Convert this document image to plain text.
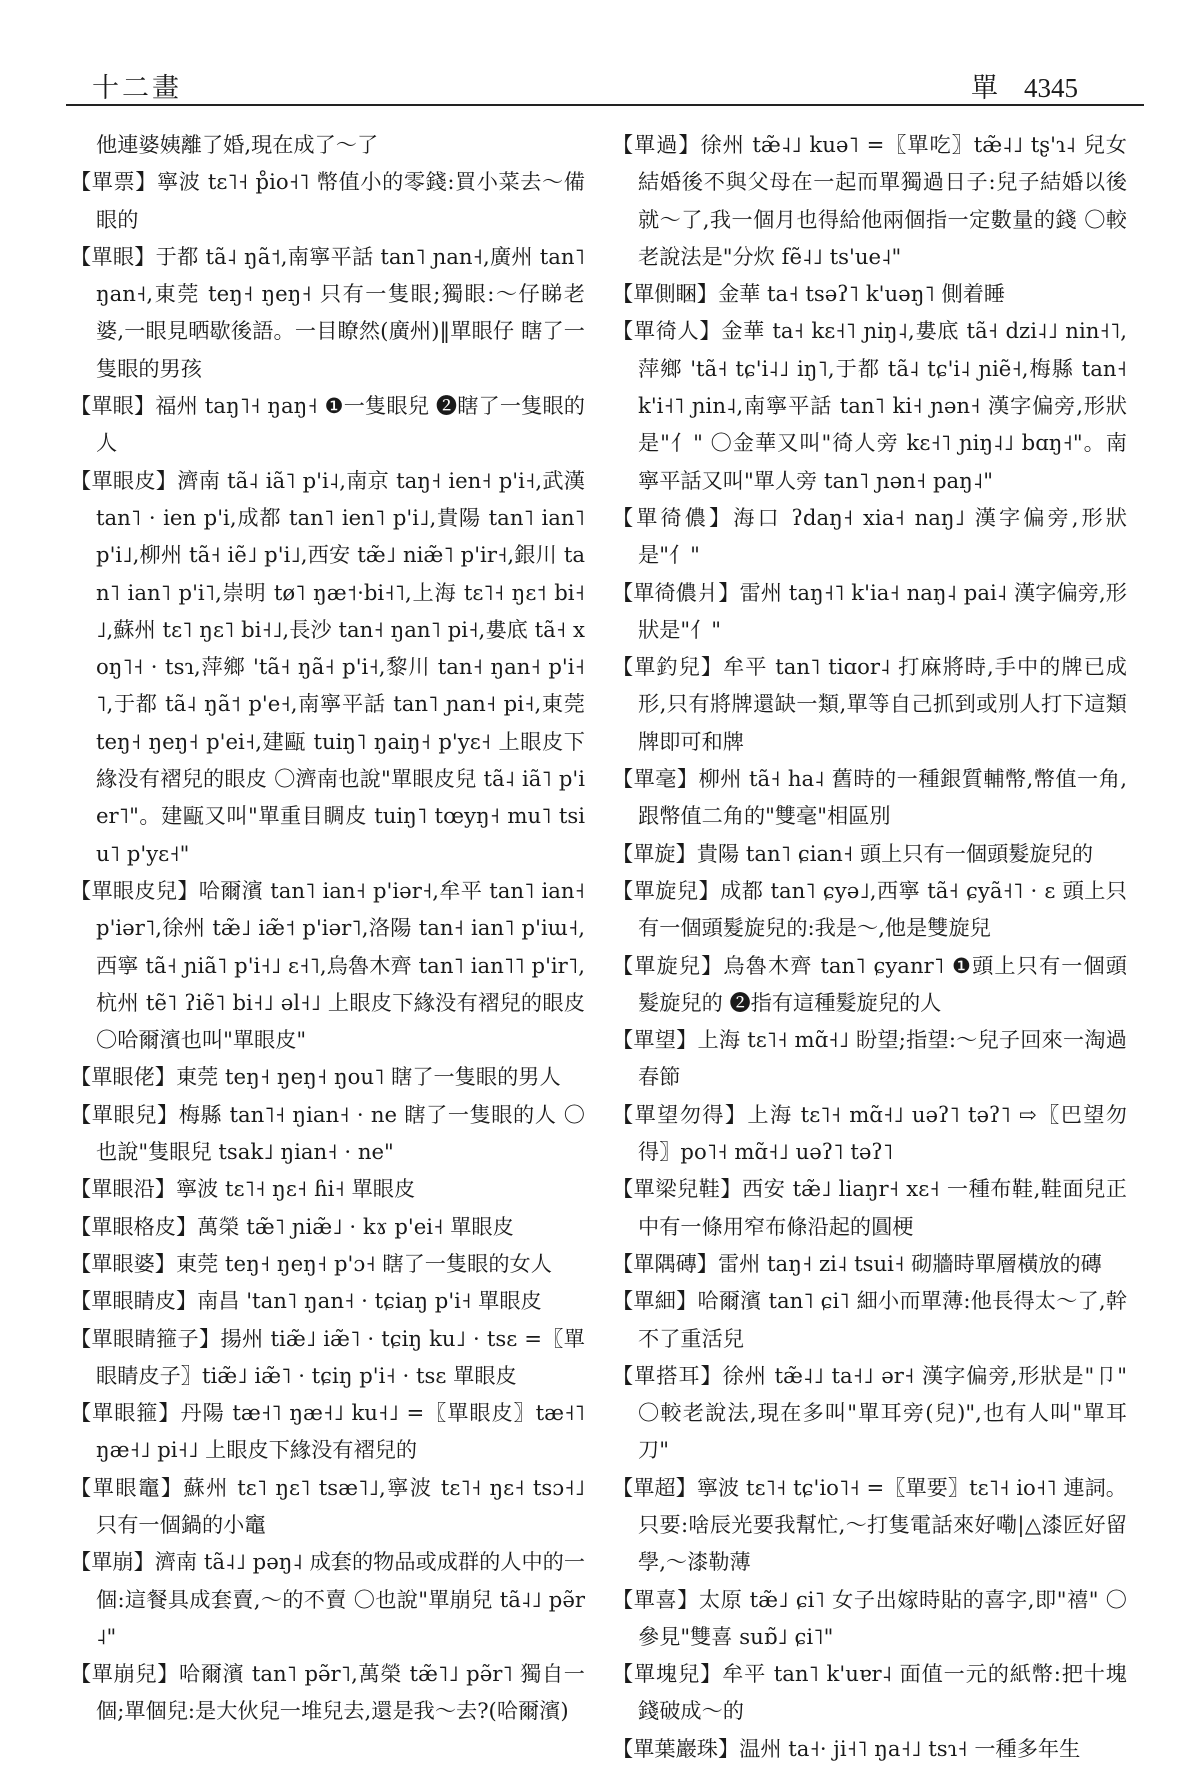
十二畫	單 4345

他連婆姨離了婚,現在成了～了

【單票】寧波 tɛ˥˧ p̊io˧˥ 幣值小的零錢:買小菜去～備眼的

【單眼】于都 tã˨ ŋã˦,南寧平話 tan˥ ɲan˧,廣州 tan˥ ŋan˧,東莞 teŋ˧ ŋeŋ˧ 只有一隻眼;獨眼:～仔睇老婆,一眼見晒歇後語。一目瞭然(廣州)‖單眼仔 瞎了一隻眼的男孩

【單眼】福州 taŋ˥˧ ŋaŋ˧ ❶一隻眼兒 ❷瞎了一隻眼的人

【單眼皮】濟南 tã˨ iã˥ p'i˨,南京 taŋ˧ ien˧ p'i˧,武漢 tan˥ · ien p'i,成都 tan˥ ien˥ p'i˩,貴陽 tan˥ ian˥ p'i˩,柳州 tã˧ iẽ˩ p'i˩,西安 tæ̃˩ niæ̃˥ p'ir˧,銀川 tan˥ ian˥ p'i˥,崇明 tø˥ ŋæ˦·bi˧˥,上海 tɛ˥˧ ŋɛ˦ bi˧˩,蘇州 tɛ˥ ŋɛ˥ bi˧˩,長沙 tan˧ ŋan˥ pi˧,婁底 tã˧ xoŋ˥˧ · tsɿ,萍鄉 'tã˧ ŋã˧ p'i˧,黎川 tan˧ ŋan˧ p'i˧˥,于都 tã˨ ŋã˦ p'e˧,南寧平話 tan˥ ɲan˧ pi˧,東莞 teŋ˧ ŋeŋ˧ p'ei˧,建甌 tuiŋ˥ ŋaiŋ˧ p'yɛ˧ 上眼皮下緣没有褶兒的眼皮 〇濟南也說"單眼皮兒 tã˨ iã˥ p'ier˥"。建甌又叫"單重目睭皮 tuiŋ˥ tœyŋ˧ mu˥ tsiu˥ p'yɛ˧"

【單眼皮兒】哈爾濱 tan˥ ian˧ p'iər˧,牟平 tan˥ ian˧ p'iər˥,徐州 tæ̃˩ iæ̃˦ p'iər˥,洛陽 tan˧ ian˥ p'iɯ˧,西寧 tã˧ ɲiã˥ p'i˧˩ ɛ˧˥,烏魯木齊 tan˥ ian˥˥ p'ir˥,杭州 tẽ˥ ʔiẽ˥ bi˧˩ əl˧˩ 上眼皮下緣没有褶兒的眼皮 〇哈爾濱也叫"單眼皮"

【單眼佬】東莞 teŋ˧ ŋeŋ˧ ŋou˥ 瞎了一隻眼的男人

【單眼兒】梅縣 tan˥˧ ŋian˧ · ne 瞎了一隻眼的人 〇也說"隻眼兒 tsak˩ ŋian˧ · ne"

【單眼沿】寧波 tɛ˥˧ ŋɛ˧ ɦi˧ 單眼皮

【單眼格皮】萬榮 tæ̃˥ ɲiæ̃˩ · kɤ p'ei˧ 單眼皮

【單眼婆】東莞 teŋ˧ ŋeŋ˧ p'ɔ˧ 瞎了一隻眼的女人

【單眼睛皮】南昌 'tan˥ ŋan˧ · tɕiaŋ p'i˧ 單眼皮

【單眼睛箍子】揚州 tiæ̃˩ iæ̃˥ · tɕiŋ ku˩ · tsɛ =〖單眼睛皮子〗tiæ̃˩ iæ̃˥ · tɕiŋ p'i˧ · tsɛ 單眼皮

【單眼箍】丹陽 tæ˧˥ ŋæ˧˩ ku˧˩ =〖單眼皮〗tæ˧˥ ŋæ˧˩ pi˧˩ 上眼皮下緣没有褶兒的

【單眼竈】蘇州 tɛ˥ ŋɛ˥ tsæ˥˩,寧波 tɛ˥˧ ŋɛ˧ tsɔ˧˩ 只有一個鍋的小竈

【單崩】濟南 tã˨˩ pəŋ˨ 成套的物品或成群的人中的一個:這餐具成套賣,～的不賣 〇也說"單崩兒 tã˨˩ pə̃r˨"

【單崩兒】哈爾濱 tan˥ pə̃r˥,萬榮 tæ̃˥˩ pə̃r˥ 獨自一個;單個兒:是大伙兒一堆兒去,還是我～去?(哈爾濱)

【單過】徐州 tæ̃˨˩ kuə˥ =〖單吃〗tæ̃˨˩ tʂ'ɿ˨ 兒女結婚後不與父母在一起而單獨過日子:兒子結婚以後就～了,我一個月也得給他兩個指一定數量的錢 〇較老說法是"分炊 fẽ˨˩ ts'ue˨"

【單側睏】金華 ta˧ tsəʔ˥ k'uəŋ˥ 側着睡

【單徛人】金華 ta˧ kɛ˧˥ ɲiŋ˨,婁底 tã˧ dzi˨˩ nin˧˥,萍鄉 'tã˧ tɕ'i˨˩ iŋ˥,于都 tã˨ tɕ'i˨ ɲiẽ˧,梅縣 tan˧ k'i˧˥ ɲin˨,南寧平話 tan˥ ki˧ ɲən˧ 漢字偏旁,形狀是"亻" 〇金華又叫"徛人旁 kɛ˧˥ ɲiŋ˨˩ bɑŋ˧"。南寧平話又叫"單人旁 tan˥ ɲən˧ paŋ˨"

【單徛儂】海口 ʔdaŋ˧ xia˧ naŋ˩ 漢字偏旁,形狀是"亻"

【單徛儂爿】雷州 taŋ˧˥ k'ia˧ naŋ˨ pai˨ 漢字偏旁,形狀是"亻"

【單釣兒】牟平 tan˥ tiɑor˨ 打麻將時,手中的牌已成形,只有將牌還缺一類,單等自己抓到或別人打下這類牌即可和牌

【單毫】柳州 tã˧ ha˨ 舊時的一種銀質輔幣,幣值一角,跟幣值二角的"雙毫"相區別

【單旋】貴陽 tan˥ ɕian˧ 頭上只有一個頭髮旋兒的

【單旋兒】成都 tan˥ ɕyə˩,西寧 tã˧ ɕyã˧˥ · ɛ 頭上只有一個頭髮旋兒的:我是～,他是雙旋兒

【單旋兒】烏魯木齊 tan˥ ɕyanr˥ ❶頭上只有一個頭髮旋兒的 ❷指有這種髮旋兒的人

【單望】上海 tɛ˥˧ mɑ̃˧˩ 盼望;指望:～兒子回來一淘過春節

【單望勿得】上海 tɛ˥˧ mɑ̃˧˩ uəʔ˥ təʔ˥ ⇨〖巴望勿得〗po˥˧ mɑ̃˧˩ uəʔ˥ təʔ˥

【單梁兒鞋】西安 tæ̃˩ liaŋr˧ xɛ˧ 一種布鞋,鞋面兒正中有一條用窄布條沿起的圓梗

【單隅磚】雷州 taŋ˧ zi˨ tsui˧ 砌牆時單層橫放的磚

【單細】哈爾濱 tan˥ ɕi˥ 細小而單薄:他長得太～了,幹不了重活兒

【單搭耳】徐州 tæ̃˨˩ ta˧˩ ər˧ 漢字偏旁,形狀是"卩" 〇較老說法,現在多叫"單耳旁(兒)",也有人叫"單耳刀"

【單超】寧波 tɛ˥˧ tɕ'io˥˧ =〖單要〗tɛ˥˧ io˧˥ 連詞。只要:啥辰光要我幫忙,～打隻電話來好嘞|△漆匠好留學,～漆勒薄

【單喜】太原 tæ̃˩ ɕi˥ 女子出嫁時貼的喜字,即"禧" 〇參見"雙喜 suɒ̃˩ ɕi˥"

【單塊兒】牟平 tan˥ k'uɐr˨ 面值一元的紙幣:把十塊錢破成～的

【單葉巖珠】温州 ta˧· ji˧˥ ŋa˧˩ tsɿ˧ 一種多年生
